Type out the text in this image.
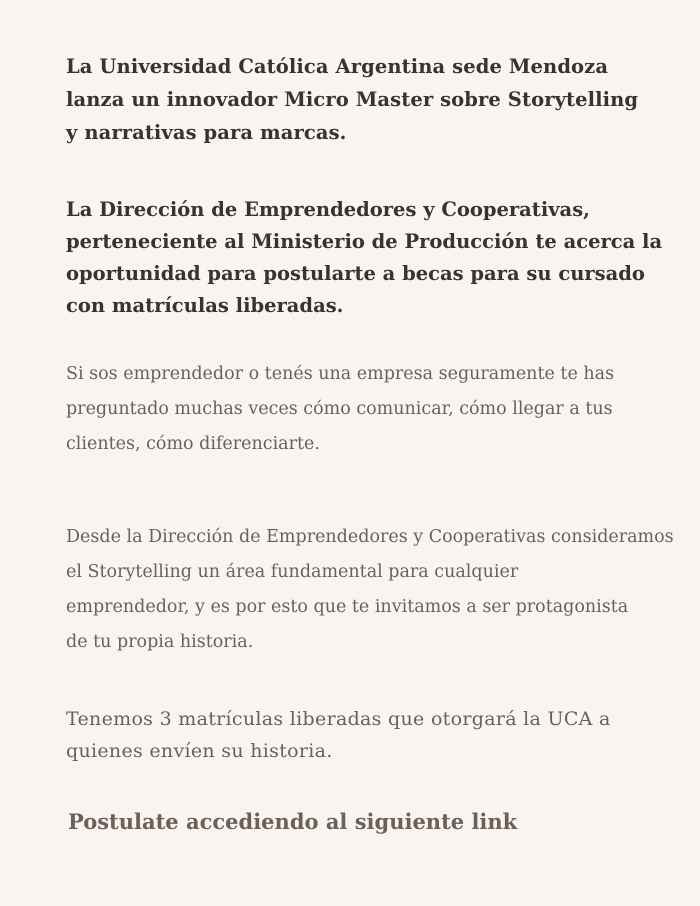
La Universidad Católica Argentina sede Mendoza
lanza un innovador Micro Master sobre Storytelling
y narrativas para marcas.

La Dirección de Emprendedores y Cooperativas,
perteneciente al Ministerio de Producción te acerca la
oportunidad para postularte a becas para su cursado
con matrículas liberadas.

Si sos emprendedor o tenés una empresa seguramente te has
preguntado muchas veces cómo comunicar, cómo llegar a tus
clientes, cómo diferenciarte.

Desde la Dirección de Emprendedores y Cooperativas consideramos
el Storytelling un área fundamental para cualquier
emprendedor, y es por esto que te invitamos a ser protagonista
de tu propia historia.

Tenemos 3 matrículas liberadas que otorgará la UCA a
quienes envíen su historia.

Postulate accediendo al siguiente link
